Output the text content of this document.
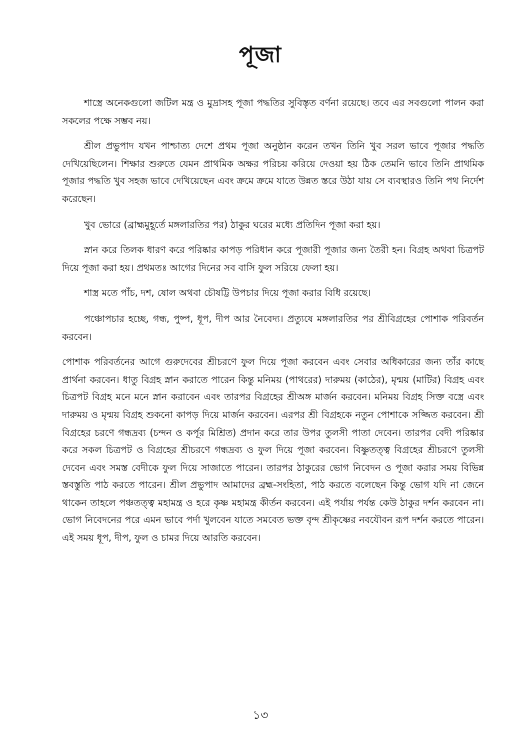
পূজা

শাস্ত্রে অনেকগুলো জটিল মন্ত্র ও মুদ্রাসহ পূজা পদ্ধতির সুবিস্তৃত বর্ণনা রয়েছে। তবে এর সবগুলো পালন করা সকলের পক্ষে সম্ভব নয়।

শ্রীল প্রভুপাদ যখন পাশ্চাত্য দেশে প্রথম পূজা অনুষ্ঠান করেন তখন তিনি খুব সরল ভাবে পূজার পদ্ধতি দেখিয়েছিলেন। শিক্ষার শুরুতে যেমন প্রাথমিক অক্ষর পরিচয় করিয়ে দেওয়া হয় ঠিক তেমনি ভাবে তিনি প্রাথমিক পূজার পদ্ধতি খুব সহজ ভাবে দেখিয়েছেন এবং ক্রমে ক্রমে যাতে উন্নত স্তরে উঠা যায় সে ব্যবস্থারও তিনি পথ নির্দেশ করেছেন।

খুব ভোরে (ব্রাহ্মমুহূর্তে মঙ্গলারতির পর) ঠাকুর ঘরের মধ্যে প্রতিদিন পূজা করা হয়।

স্নান করে তিলক ধারণ করে পরিষ্কার কাপড় পরিধান করে পূজারী পূজার জন্য তৈরী হন। বিগ্রহ অথবা চিত্রপট দিয়ে পূজা করা হয়। প্রথমতঃ আগের দিনের সব বাসি ফুল সরিয়ে ফেলা হয়।

শাস্ত্র মতে পাঁচ, দশ, ষোল অথবা চৌষট্টি উপচার দিয়ে পূজা করার বিধি রয়েছে।

পঞ্চোপচার হচ্ছে, গন্ধ, পুষ্প, ধূপ, দীপ আর নৈবেদ্য। প্রত্যুষে মঙ্গলারতির পর শ্রীবিগ্রহের পোশাক পরিবর্তন করবেন।

পোশাক পরিবর্তনের আগে গুরুদেবের শ্রীচরণে ফুল দিয়ে পূজা করবেন এবং সেবার অধিকারের জন্য তাঁর কাছে প্রার্থনা করবেন। ধাতু বিগ্রহ স্নান করাতে পারেন কিন্তু মনিময় (পাথরের) দারুময় (কাঠের), মৃন্ময় (মাটির) বিগ্রহ এবং চিত্রপট বিগ্রহ মনে মনে স্নান করাবেন এবং তারপর বিগ্রহের শ্রীঅঙ্গ মার্জন করবেন। মনিময় বিগ্রহ সিক্ত বস্ত্রে এবং দারুময় ও মৃন্ময় বিগ্রহ শুকনো কাপড় দিয়ে মার্জন করবেন। এরপর শ্রী বিগ্রহকে নতুন পোশাকে সজ্জিত করবেন। শ্রী বিগ্রহের চরণে গন্ধদ্রব্য (চন্দন ও কর্পূর মিশ্রিত) প্রদান করে তার উপর তুলসী পাতা দেবেন। তারপর বেদী পরিষ্কার করে সকল চিত্রপট ও বিগ্রহের শ্রীচরণে গন্ধদ্রব্য ও ফুল দিয়ে পূজা করবেন। বিষ্ণুতত্ত্ব বিগ্রহের শ্রীচরণে তুলসী দেবেন এবং সমস্ত বেদীকে ফুল দিয়ে সাজাতে পারেন। তারপর ঠাকুরের ভোগ নিবেদন ও পূজা করার সময় বিভিন্ন স্তবস্তুতি পাঠ করতে পারেন। শ্রীল প্রভুপাদ আমাদের ব্রহ্ম-সংহিতা, পাঠ করতে বলেছেন কিন্তু ভোগ যদি না জেনে থাকেন তাহলে পঞ্চতত্ত্ব মহামন্ত্র ও হরে কৃষ্ণ মহামন্ত্র কীর্তন করবেন। এই পর্যায় পর্যন্ত কেউ ঠাকুর দর্শন করবেন না। ভোগ নিবেদনের পরে এমন ভাবে পর্দা খুলবেন যাতে সমবেত ভক্ত বৃন্দ শ্রীকৃষ্ণের নবযৌবন রূপ দর্শন করতে পারেন। এই সময় ধূপ, দীপ, ফুল ও চামর দিয়ে আরতি করবেন।

১৩
